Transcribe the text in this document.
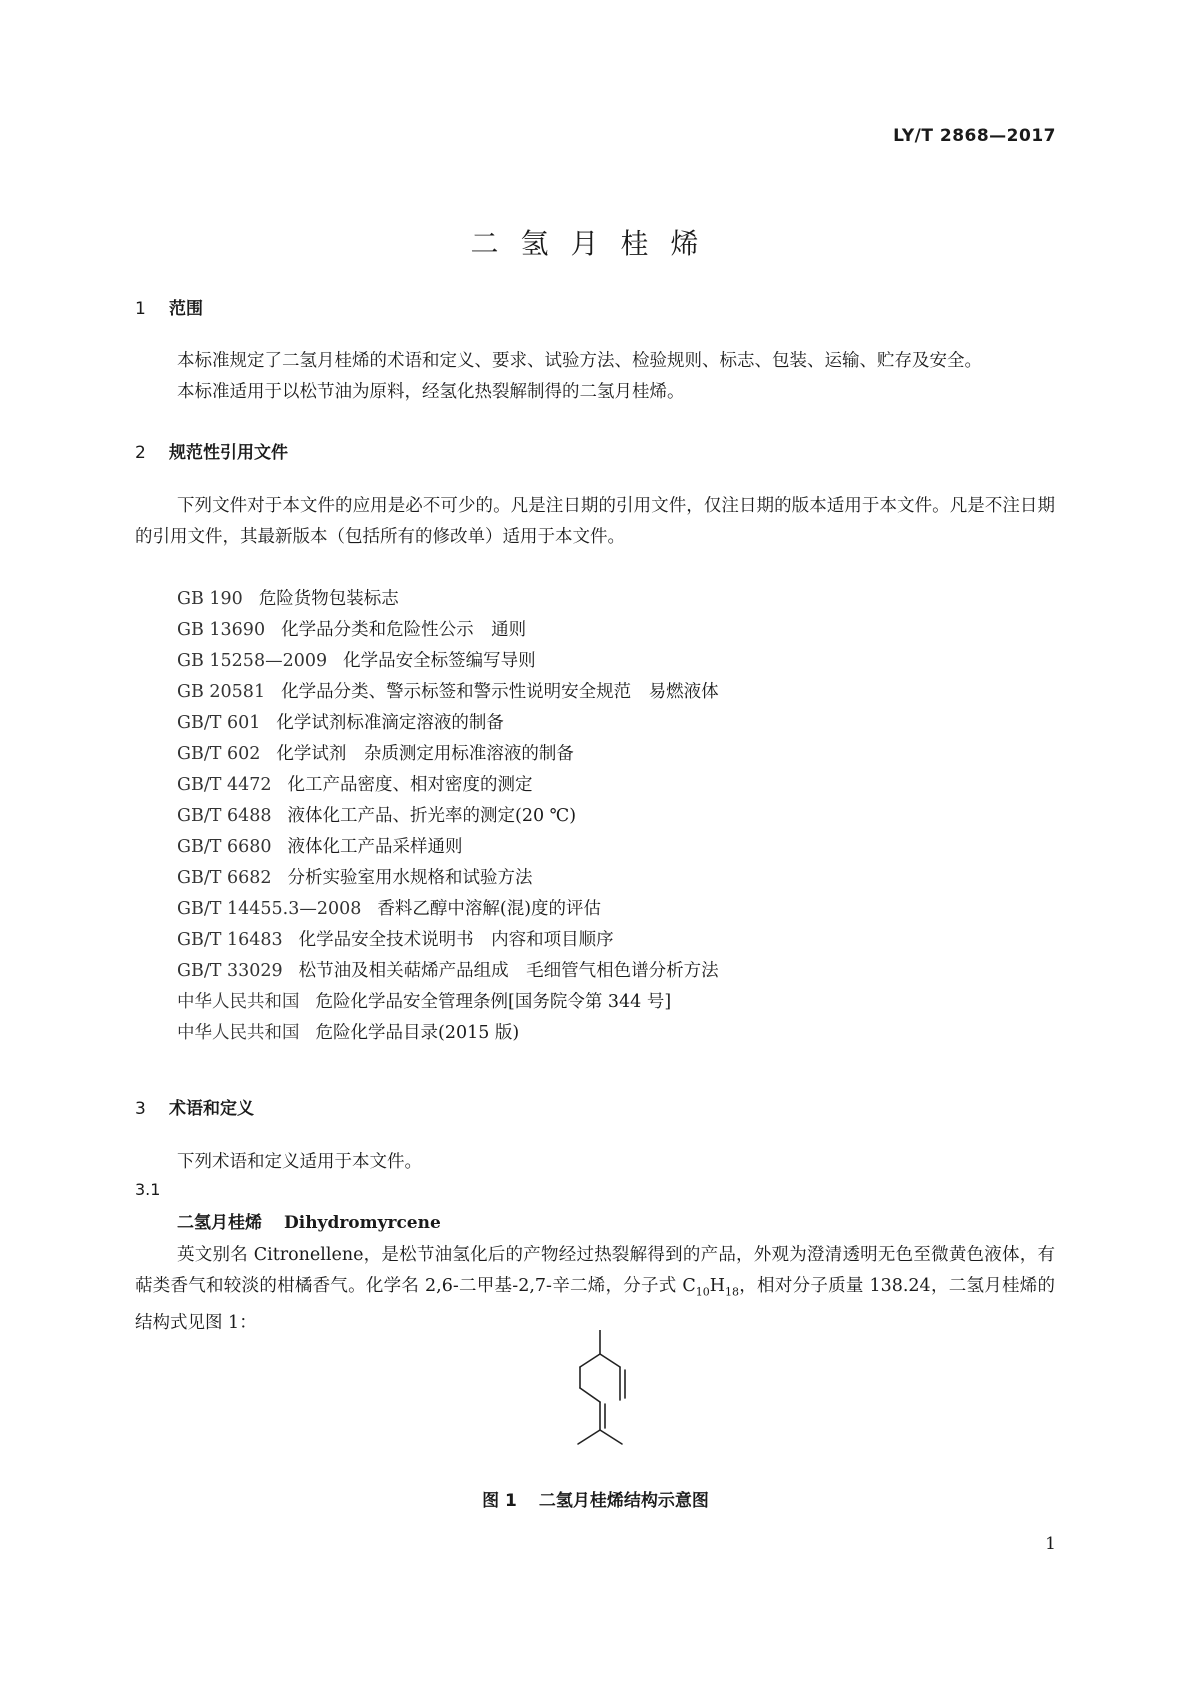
LY/T 2868—2017
二氢月桂烯
1 范围
本标准规定了二氢月桂烯的术语和定义、要求、试验方法、检验规则、标志、包装、运输、贮存及安全。
本标准适用于以松节油为原料，经氢化热裂解制得的二氢月桂烯。
2 规范性引用文件
下列文件对于本文件的应用是必不可少的。凡是注日期的引用文件，仅注日期的版本适用于本文件。凡是不注日期的引用文件，其最新版本（包括所有的修改单）适用于本文件。
GB 190 危险货物包装标志
GB 13690 化学品分类和危险性公示　通则
GB 15258—2009 化学品安全标签编写导则
GB 20581 化学品分类、警示标签和警示性说明安全规范　易燃液体
GB/T 601 化学试剂标准滴定溶液的制备
GB/T 602 化学试剂　杂质测定用标准溶液的制备
GB/T 4472 化工产品密度、相对密度的测定
GB/T 6488 液体化工产品、折光率的测定(20 ℃)
GB/T 6680 液体化工产品采样通则
GB/T 6682 分析实验室用水规格和试验方法
GB/T 14455.3—2008 香料乙醇中溶解(混)度的评估
GB/T 16483 化学品安全技术说明书　内容和项目顺序
GB/T 33029 松节油及相关萜烯产品组成　毛细管气相色谱分析方法
中华人民共和国 危险化学品安全管理条例[国务院令第 344 号]
中华人民共和国 危险化学品目录(2015 版)
3 术语和定义
下列术语和定义适用于本文件。
3.1
二氢月桂烯 Dihydromyrcene
英文别名 Citronellene，是松节油氢化后的产物经过热裂解得到的产品，外观为澄清透明无色至微黄色液体，有萜类香气和较淡的柑橘香气。化学名 2,6-二甲基-2,7-辛二烯，分子式 $C_{10}H_{18}$，相对分子质量 138.24，二氢月桂烯的结构式见图 1：
图 1 二氢月桂烯结构示意图
1
